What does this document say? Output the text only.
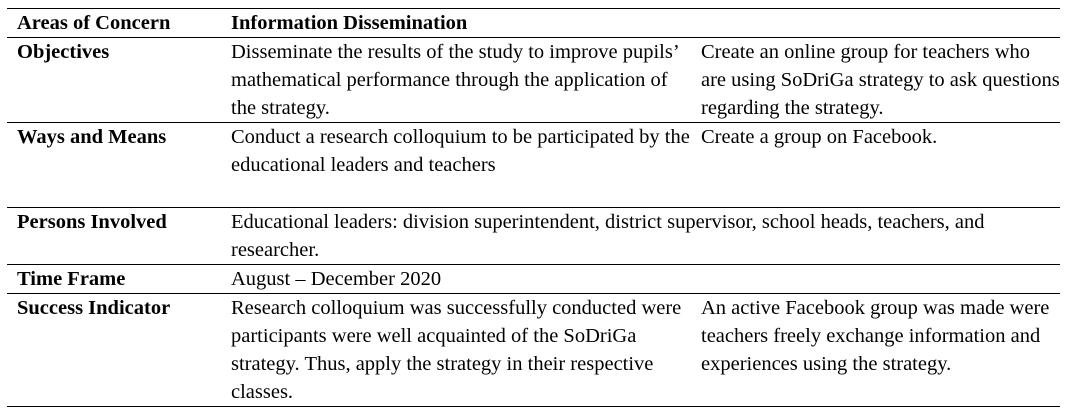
Areas of Concern	Information Dissemination	
Objectives	Disseminate the results of the study to improve pupils’ mathematical performance through the application of the strategy.	Create an online group for teachers who are using SoDriGa strategy to ask questions regarding the strategy.
Ways and Means	Conduct a research colloquium to be participated by the educational leaders and teachers	Create a group on Facebook.
Persons Involved	Educational leaders: division superintendent, district supervisor, school heads, teachers, and researcher.	
Time Frame	August – December 2020	
Success Indicator	Research colloquium was successfully conducted were participants were well acquainted of the SoDriGa strategy. Thus, apply the strategy in their respective classes.	An active Facebook group was made were teachers freely exchange information and experiences using the strategy.
